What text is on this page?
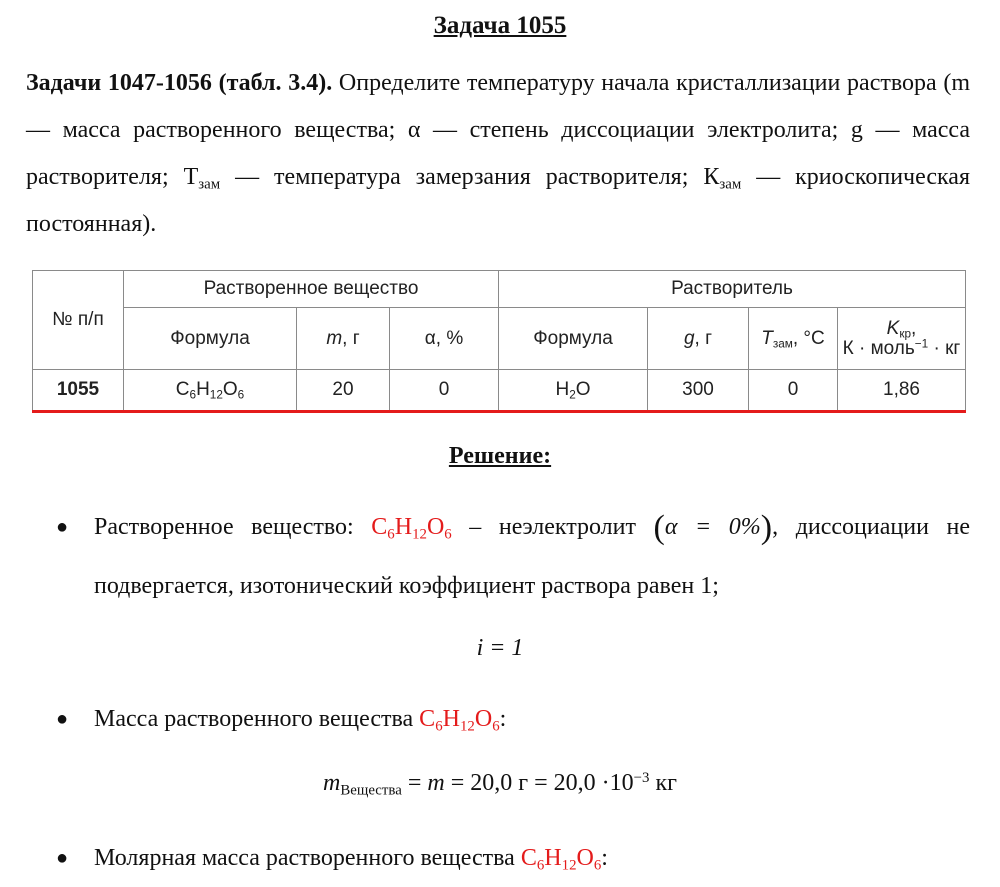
Задача 1055
Задачи 1047-1056 (табл. 3.4). Определите температуру начала кристаллизации раствора (m — масса растворенного вещества; α — степень диссоциации электролита; g — масса растворителя; $Т_{зам}$ — температура замерзания растворителя; $К_{зам}$ — криоскопическая постоянная).
№ п/п	Растворенное вещество			Растворитель			
	Формула	m, г	α, %	Формула	g, г	$T_{зам}$, °C	$K_{кр}$,
К · моль$^{-1}$ · кг
1055	$C_6H_{12}O_6$	20	0	$H_2O$	300	0	1,86
Решение:
● Растворенное вещество: $C_6H_{12}O_6$ – неэлектролит (α = 0%), диссоциации не подвергается, изотонический коэффициент раствора равен 1;
i = 1
● Масса растворенного вещества $C_6H_{12}O_6$:
$m_{Вещества} = m = 20,0$ $г = 20,0 \cdot 10^{-3}$ кг
● Молярная масса растворенного вещества $C_6H_{12}O_6$:
